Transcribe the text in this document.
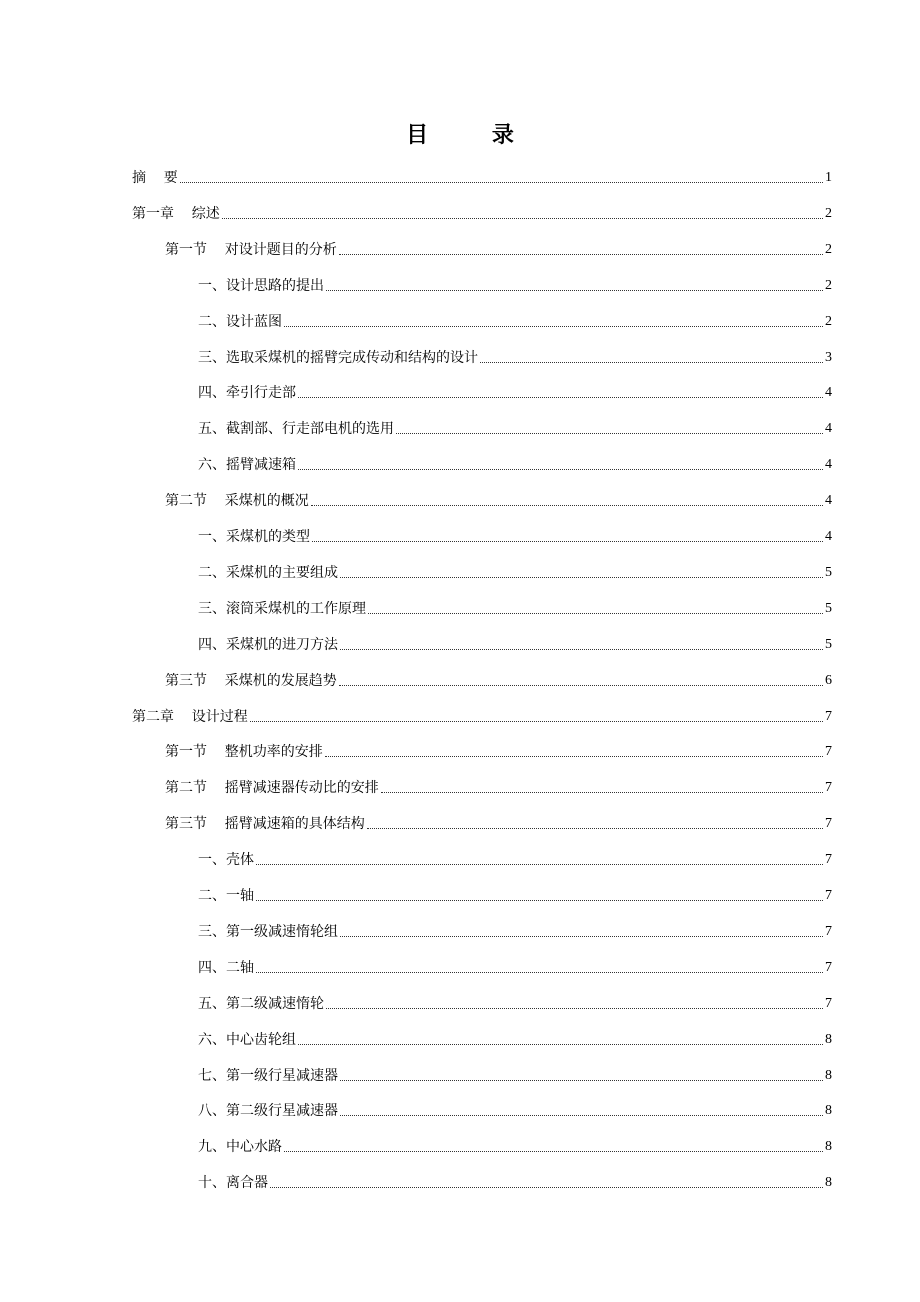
目 录
摘    要	1
第一章    综述	2
第一节    对设计题目的分析	2
一、设计思路的提出	2
二、设计蓝图	2
三、选取采煤机的摇臂完成传动和结构的设计	3
四、牵引行走部	4
五、截割部、行走部电机的选用	4
六、摇臂减速箱	4
第二节    采煤机的概况	4
一、采煤机的类型	4
二、采煤机的主要组成	5
三、滚筒采煤机的工作原理	5
四、采煤机的进刀方法	5
第三节    采煤机的发展趋势	6
第二章    设计过程	7
第一节    整机功率的安排	7
第二节    摇臂减速器传动比的安排	7
第三节    摇臂减速箱的具体结构	7
一、壳体	7
二、一轴	7
三、第一级减速惰轮组	7
四、二轴	7
五、第二级减速惰轮	7
六、中心齿轮组	8
七、第一级行星减速器	8
八、第二级行星减速器	8
九、中心水路	8
十、离合器	8
